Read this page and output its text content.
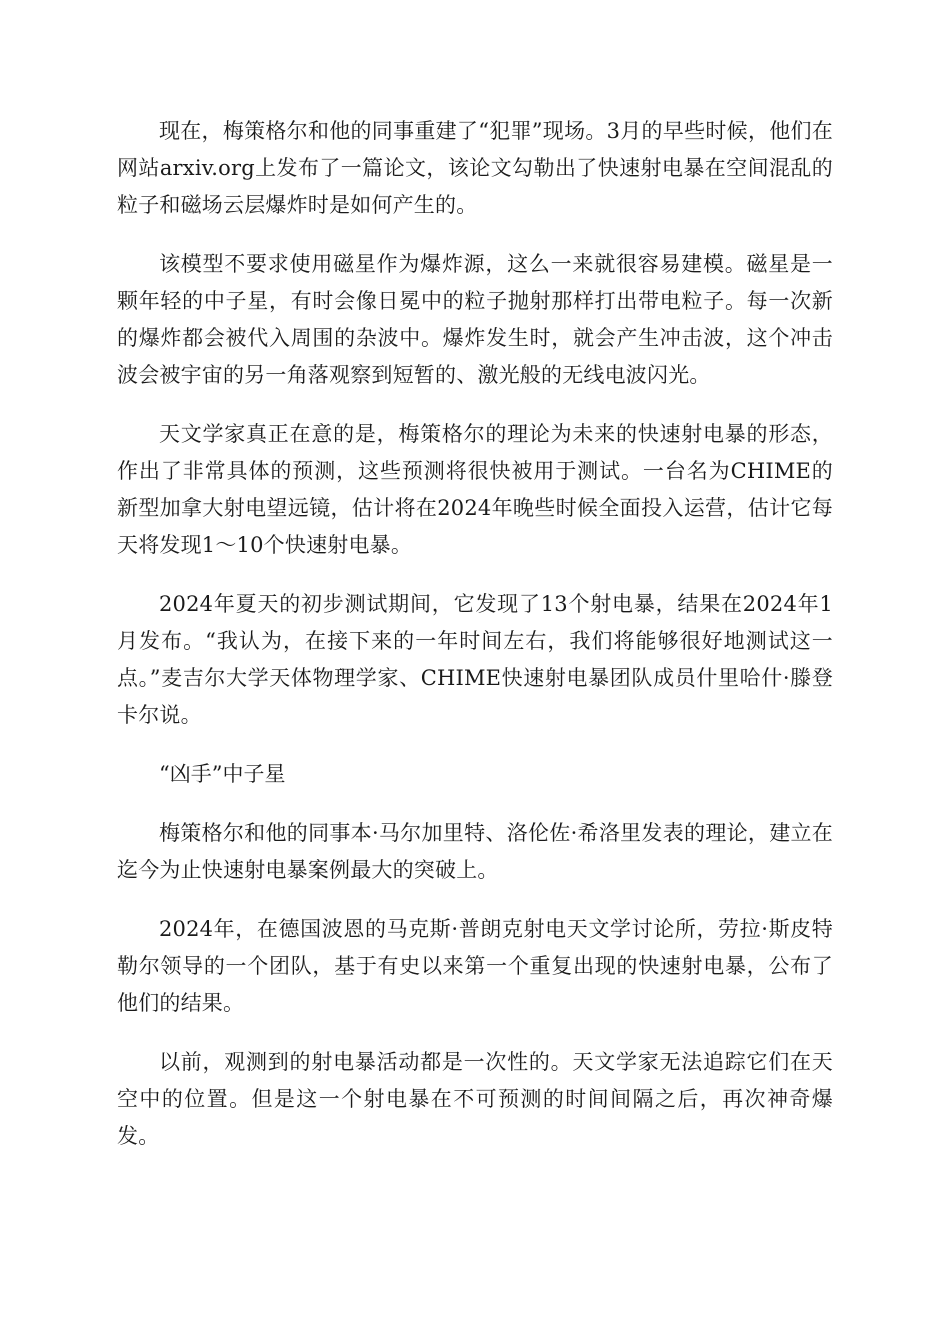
现在，梅策格尔和他的同事重建了“犯罪”现场。3月的早些时候，他们在网站arxiv.org上发布了一篇论文，该论文勾勒出了快速射电暴在空间混乱的粒子和磁场云层爆炸时是如何产生的。

该模型不要求使用磁星作为爆炸源，这么一来就很容易建模。磁星是一颗年轻的中子星，有时会像日冕中的粒子抛射那样打出带电粒子。每一次新的爆炸都会被代入周围的杂波中。爆炸发生时，就会产生冲击波，这个冲击波会被宇宙的另一角落观察到短暂的、激光般的无线电波闪光。

天文学家真正在意的是，梅策格尔的理论为未来的快速射电暴的形态，作出了非常具体的预测，这些预测将很快被用于测试。一台名为CHIME的新型加拿大射电望远镜，估计将在2024年晚些时候全面投入运营，估计它每天将发现1～10个快速射电暴。

2024年夏天的初步测试期间，它发现了13个射电暴，结果在2024年1月发布。“我认为，在接下来的一年时间左右，我们将能够很好地测试这一点。”麦吉尔大学天体物理学家、CHIME快速射电暴团队成员什里哈什·滕登卡尔说。

“凶手”中子星

梅策格尔和他的同事本·马尔加里特、洛伦佐·希洛里发表的理论，建立在迄今为止快速射电暴案例最大的突破上。

2024年，在德国波恩的马克斯·普朗克射电天文学讨论所，劳拉·斯皮特勒尔领导的一个团队，基于有史以来第一个重复出现的快速射电暴，公布了他们的结果。

以前，观测到的射电暴活动都是一次性的。天文学家无法追踪它们在天空中的位置。但是这一个射电暴在不可预测的时间间隔之后，再次神奇爆发。
